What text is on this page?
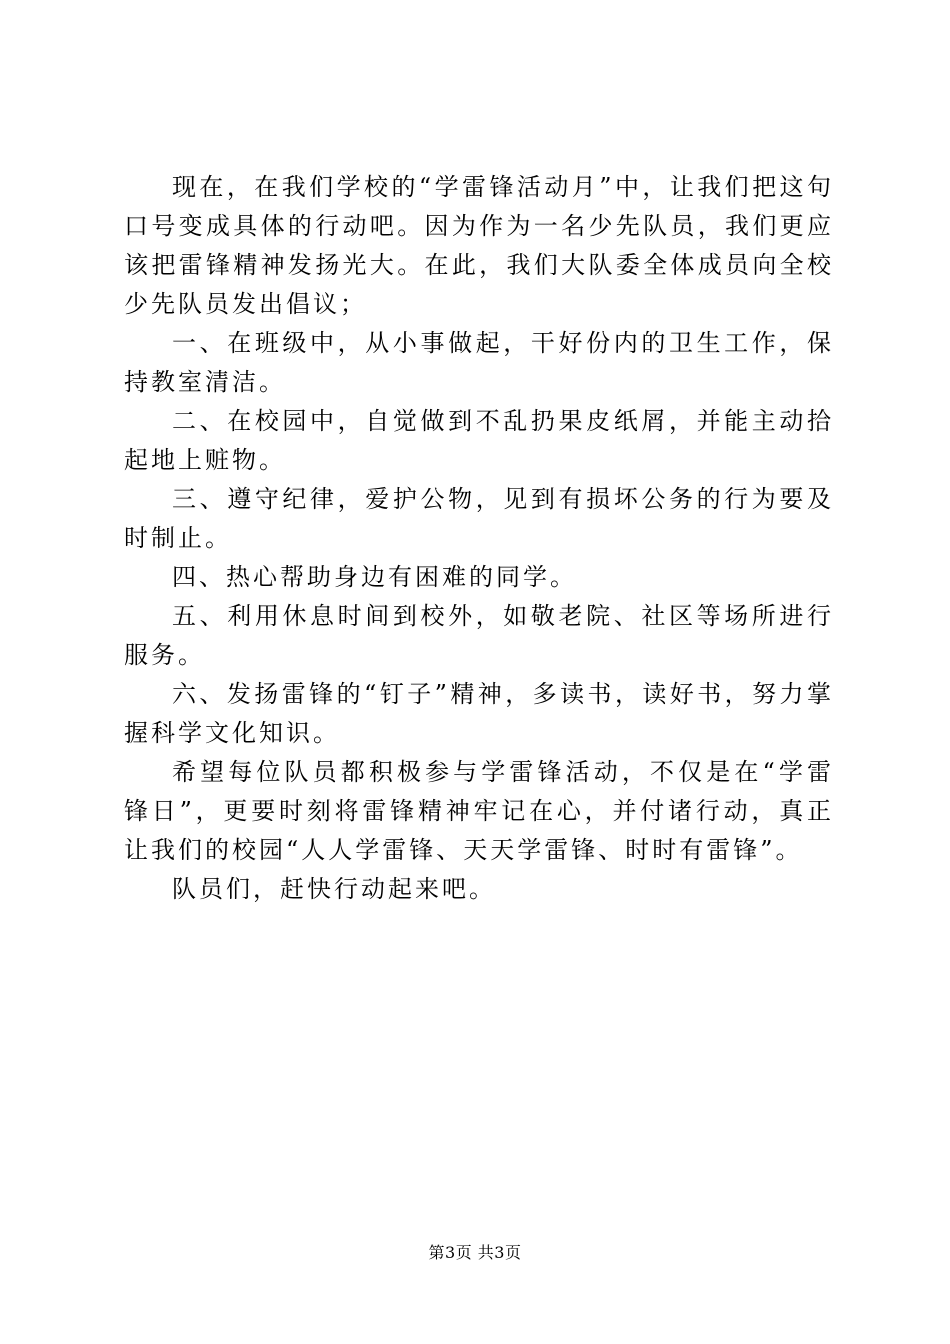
现在，在我们学校的“学雷锋活动月”中，让我们把这句口号变成具体的行动吧。因为作为一名少先队员，我们更应该把雷锋精神发扬光大。在此，我们大队委全体成员向全校少先队员发出倡议；

一、在班级中，从小事做起，干好份内的卫生工作，保持教室清洁。

二、在校园中，自觉做到不乱扔果皮纸屑，并能主动拾起地上赃物。

三、遵守纪律，爱护公物，见到有损坏公务的行为要及时制止。

四、热心帮助身边有困难的同学。

五、利用休息时间到校外，如敬老院、社区等场所进行服务。

六、发扬雷锋的“钉子”精神，多读书，读好书，努力掌握科学文化知识。

希望每位队员都积极参与学雷锋活动，不仅是在“学雷锋日”，更要时刻将雷锋精神牢记在心，并付诸行动，真正让我们的校园“人人学雷锋、天天学雷锋、时时有雷锋”。

队员们，赶快行动起来吧。

第3页 共3页
